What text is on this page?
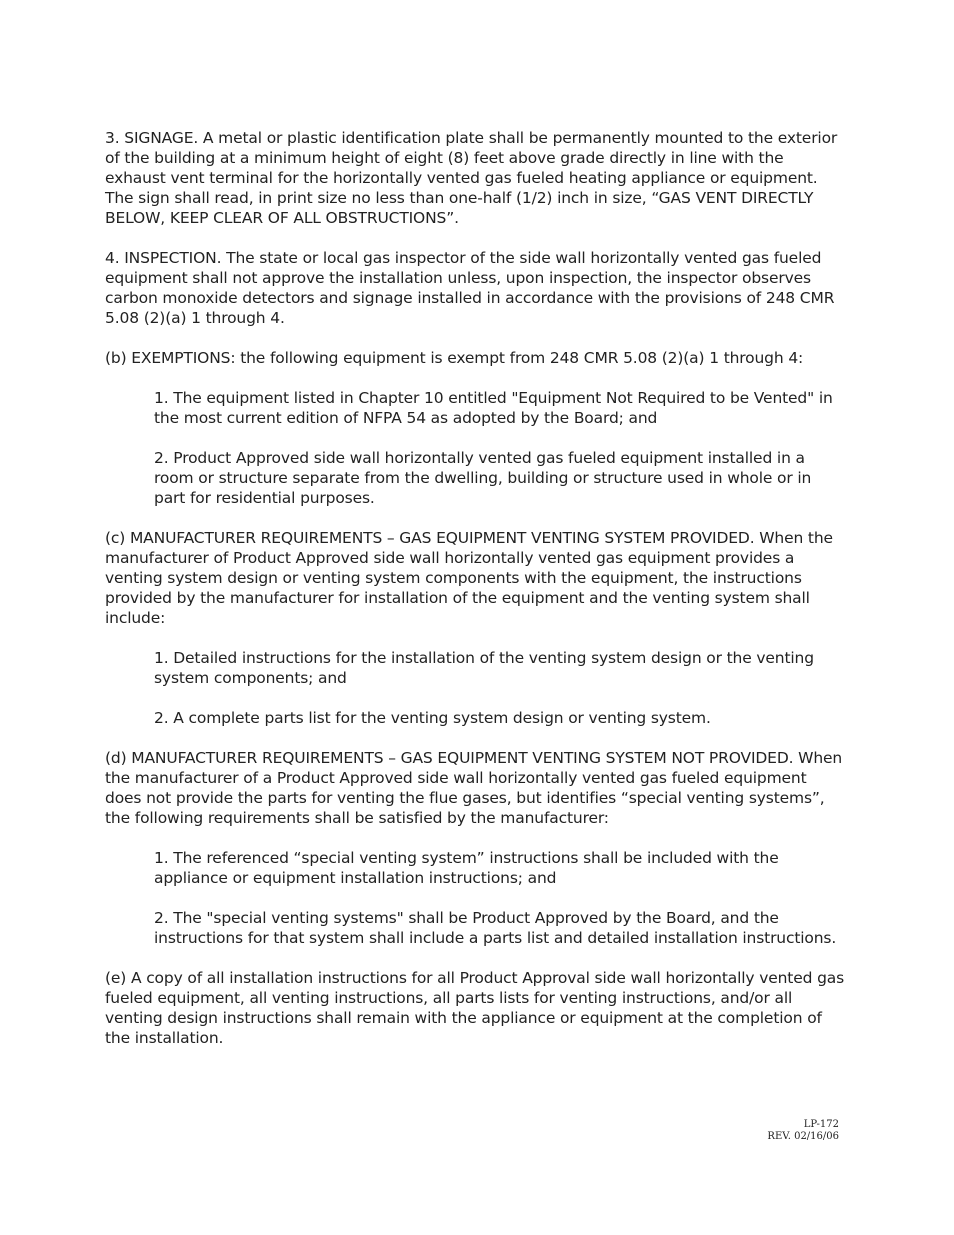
3. SIGNAGE. A metal or plastic identification plate shall be permanently mounted to the exterior of the building at a minimum height of eight (8) feet above grade directly in line with the exhaust vent terminal for the horizontally vented gas fueled heating appliance or equipment. The sign shall read, in print size no less than one-half (1/2) inch in size, “GAS VENT DIRECTLY BELOW, KEEP CLEAR OF ALL OBSTRUCTIONS”.

4. INSPECTION. The state or local gas inspector of the side wall horizontally vented gas fueled equipment shall not approve the installation unless, upon inspection, the inspector observes carbon monoxide detectors and signage installed in accordance with the provisions of 248 CMR 5.08 (2)(a) 1 through 4.

(b) EXEMPTIONS: the following equipment is exempt from 248 CMR 5.08 (2)(a) 1 through 4:

1. The equipment listed in Chapter 10 entitled "Equipment Not Required to be Vented" in the most current edition of NFPA 54 as adopted by the Board; and

2. Product Approved side wall horizontally vented gas fueled equipment installed in a room or structure separate from the dwelling, building or structure used in whole or in part for residential purposes.

(c) MANUFACTURER REQUIREMENTS – GAS EQUIPMENT VENTING SYSTEM PROVIDED. When the manufacturer of Product Approved side wall horizontally vented gas equipment provides a venting system design or venting system components with the equipment, the instructions provided by the manufacturer for installation of the equipment and the venting system shall include:

1. Detailed instructions for the installation of the venting system design or the venting system components; and

2. A complete parts list for the venting system design or venting system.

(d) MANUFACTURER REQUIREMENTS – GAS EQUIPMENT VENTING SYSTEM NOT PROVIDED. When the manufacturer of a Product Approved side wall horizontally vented gas fueled equipment does not provide the parts for venting the flue gases, but identifies “special venting systems”, the following requirements shall be satisfied by the manufacturer:

1. The referenced “special venting system” instructions shall be included with the appliance or equipment installation instructions; and

2. The "special venting systems" shall be Product Approved by the Board, and the instructions for that system shall include a parts list and detailed installation instructions.

(e) A copy of all installation instructions for all Product Approval side wall horizontally vented gas fueled equipment, all venting instructions, all parts lists for venting instructions, and/or all venting design instructions shall remain with the appliance or equipment at the completion of the installation.

LP-172
REV. 02/16/06
